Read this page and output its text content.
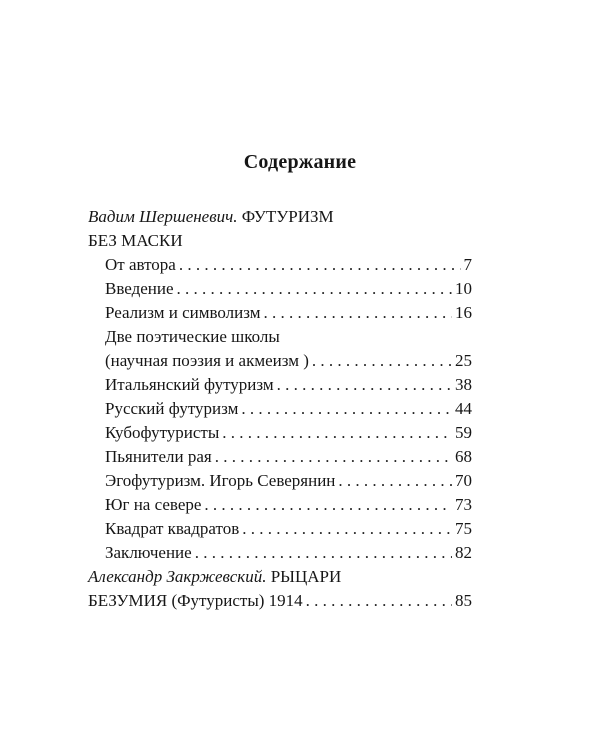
Содержание
Вадим Шершеневич. ФУТУРИЗМ
БЕЗ МАСКИ
От автора . . .	7
Введение . . .	10
Реализм и символизм . . .	16
Две поэтические школы
(научная поэзия и акмеизм ) . . .	25
Итальянский футуризм . . .	38
Русский футуризм . . .	44
Кубофутуристы . . .	59
Пьянители рая . . .	68
Эгофутуризм. Игорь Северянин . . .	70
Юг на севере . . .	73
Квадрат квадратов . . .	75
Заключение . . .	82
Александр Закржевский. РЫЦАРИ
БЕЗУМИЯ (Футуристы) 1914 . . .	85
